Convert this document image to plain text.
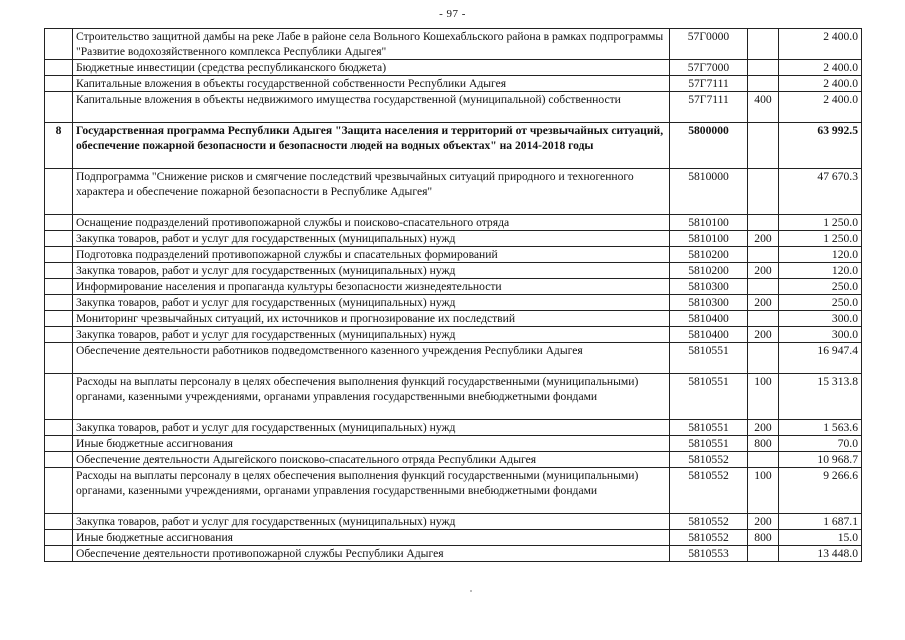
- 97 -
	Строительство защитной дамбы на реке Лабе в районе села Вольного Кошехабльского района в рамках подпрограммы "Развитие водохозяйственного комплекса Республики Адыгея"	57Г0000		2 400.0
	Бюджетные инвестиции (средства республиканского бюджета)	57Г7000		2 400.0
	Капитальные вложения в объекты государственной собственности Республики Адыгея	57Г7111		2 400.0
	Капитальные вложения в объекты недвижимого имущества государственной (муниципальной) собственности	57Г7111	400	2 400.0
8	Государственная программа Республики Адыгея "Защита населения и территорий от чрезвычайных ситуаций, обеспечение пожарной безопасности и безопасности людей на водных объектах" на 2014-2018 годы	5800000		63 992.5
	Подпрограмма "Снижение рисков и смягчение последствий чрезвычайных ситуаций природного и техногенного характера и обеспечение пожарной безопасности в Республике Адыгея"	5810000		47 670.3
	Оснащение подразделений противопожарной службы и поисково-спасательного отряда	5810100		1 250.0
	Закупка товаров, работ и услуг для государственных (муниципальных) нужд	5810100	200	1 250.0
	Подготовка подразделений противопожарной службы и спасательных формирований	5810200		120.0
	Закупка товаров, работ и услуг для государственных (муниципальных) нужд	5810200	200	120.0
	Информирование населения и пропаганда культуры безопасности жизнедеятельности	5810300		250.0
	Закупка товаров, работ и услуг для государственных (муниципальных) нужд	5810300	200	250.0
	Мониторинг чрезвычайных ситуаций, их источников и прогнозирование их последствий	5810400		300.0
	Закупка товаров, работ и услуг для государственных (муниципальных) нужд	5810400	200	300.0
	Обеспечение деятельности работников подведомственного казенного учреждения Республики Адыгея	5810551		16 947.4
	Расходы на выплаты персоналу в целях обеспечения выполнения функций государственными (муниципальными) органами, казенными учреждениями, органами управления государственными внебюджетными фондами	5810551	100	15 313.8
	Закупка товаров, работ и услуг для государственных (муниципальных) нужд	5810551	200	1 563.6
	Иные бюджетные ассигнования	5810551	800	70.0
	Обеспечение деятельности Адыгейского поисково-спасательного отряда Республики Адыгея	5810552		10 968.7
	Расходы на выплаты персоналу в целях обеспечения выполнения функций государственными (муниципальными) органами, казенными учреждениями, органами управления государственными внебюджетными фондами	5810552	100	9 266.6
	Закупка товаров, работ и услуг для государственных (муниципальных) нужд	5810552	200	1 687.1
	Иные бюджетные ассигнования	5810552	800	15.0
	Обеспечение деятельности противопожарной службы Республики Адыгея	5810553		13 448.0
